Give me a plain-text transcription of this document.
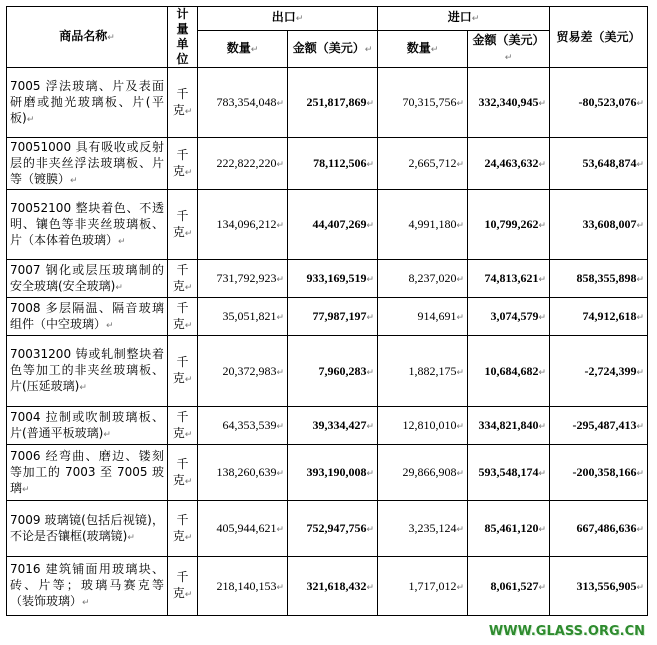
商品名称↵	计量单位	出口↵		进口↵		贸易差（美元）
		数量↵	金额（美元）↵	数量↵	金额（美元）↵	
7005 浮法玻璃、片及表面研磨或抛光玻璃板、片(平板)↵	千克↵	783,354,048↵	251,817,869↵	70,315,756↵	332,340,945↵	-80,523,076↵
70051000 具有吸收或反射层的非夹丝浮法玻璃板、片等（镀膜）↵	千克↵	222,822,220↵	78,112,506↵	2,665,712↵	24,463,632↵	53,648,874↵
70052100 整块着色、不透明、镶色等非夹丝玻璃板、片（本体着色玻璃）↵	千克↵	134,096,212↵	44,407,269↵	4,991,180↵	10,799,262↵	33,608,007↵
7007 钢化或层压玻璃制的安全玻璃(安全玻璃)↵	千克↵	731,792,923↵	933,169,519↵	8,237,020↵	74,813,621↵	858,355,898↵
7008 多层隔温、隔音玻璃组件（中空玻璃）↵	千克↵	35,051,821↵	77,987,197↵	914,691↵	3,074,579↵	74,912,618↵
70031200 铸或轧制整块着色等加工的非夹丝玻璃板、片(压延玻璃)↵	千克↵	20,372,983↵	7,960,283↵	1,882,175↵	10,684,682↵	-2,724,399↵
7004 拉制或吹制玻璃板、片(普通平板玻璃)↵	千克↵	64,353,539↵	39,334,427↵	12,810,010↵	334,821,840↵	-295,487,413↵
7006 经弯曲、磨边、镂刻等加工的 7003 至 7005 玻璃↵	千克↵	138,260,639↵	393,190,008↵	29,866,908↵	593,548,174↵	-200,358,166↵
7009 玻璃镜(包括后视镜)，不论是否镶框(玻璃镜)↵	千克↵	405,944,621↵	752,947,756↵	3,235,124↵	85,461,120↵	667,486,636↵
7016 建筑铺面用玻璃块、砖、片等；玻璃马赛克等（装饰玻璃）↵	千克↵	218,140,153↵	321,618,432↵	1,717,012↵	8,061,527↵	313,556,905↵
WWW.GLASS.ORG.CN
